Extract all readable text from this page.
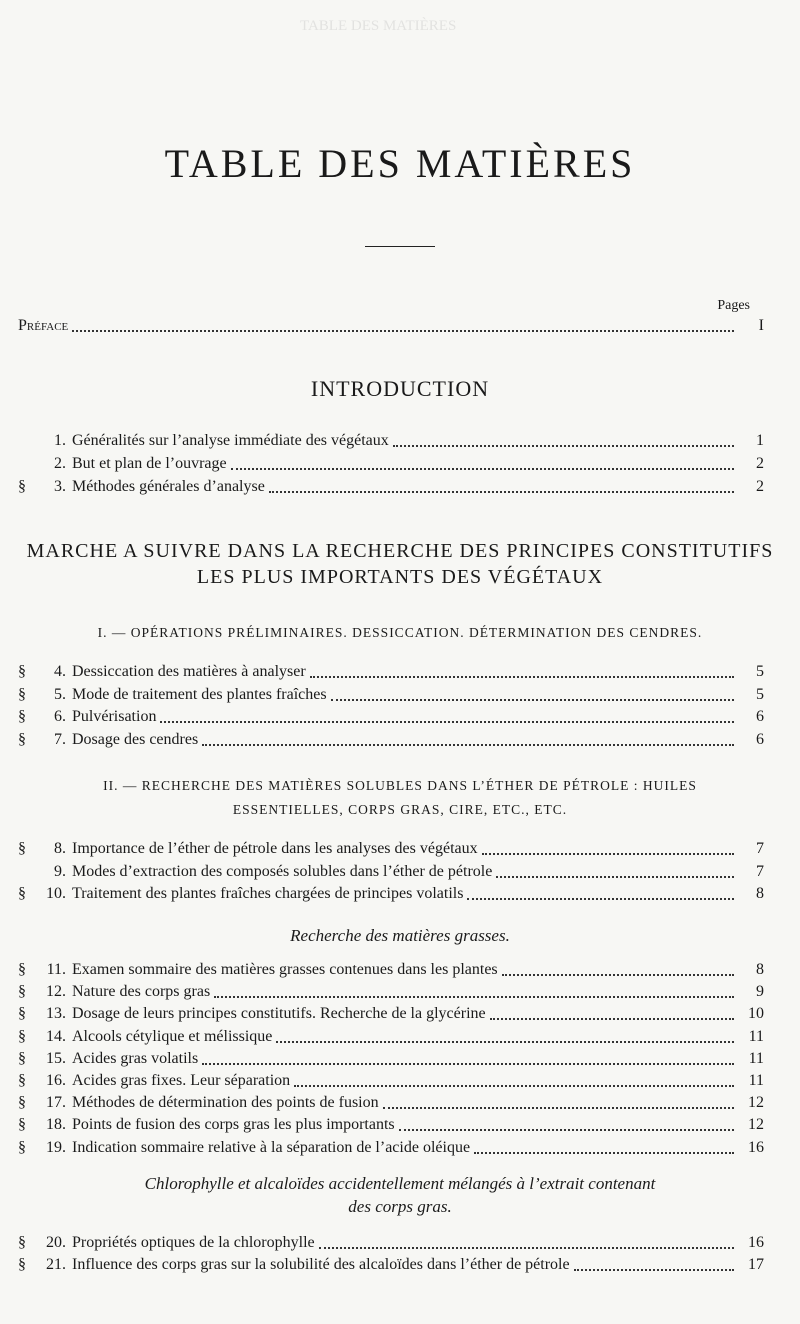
TABLE DES MATIÈRES
TABLE DES MATIÈRES
Pages
Préface	I
INTRODUCTION
1. Généralités sur l’analyse immédiate des végétaux	1
2. But et plan de l’ouvrage	2
§	3. Méthodes générales d’analyse	2
MARCHE A SUIVRE DANS LA RECHERCHE DES PRINCIPES CONSTITUTIFS
LES PLUS IMPORTANTS DES VÉGÉTAUX
I. — OPÉRATIONS PRÉLIMINAIRES. DESSICCATION. DÉTERMINATION DES CENDRES.
§	4. Dessiccation des matières à analyser	5
§	5. Mode de traitement des plantes fraîches	5
§	6. Pulvérisation	6
§	7. Dosage des cendres	6
II. — RECHERCHE DES MATIÈRES SOLUBLES DANS L’ÉTHER DE PÉTROLE : HUILES
ESSENTIELLES, CORPS GRAS, CIRE, ETC., ETC.
§	8. Importance de l’éther de pétrole dans les analyses des végétaux	7
9. Modes d’extraction des composés solubles dans l’éther de pétrole	7
§	10. Traitement des plantes fraîches chargées de principes volatils	8
Recherche des matières grasses.
§	11. Examen sommaire des matières grasses contenues dans les plantes	8
§	12. Nature des corps gras	9
§	13. Dosage de leurs principes constitutifs. Recherche de la glycérine	10
§	14. Alcools cétylique et mélissique	11
§	15. Acides gras volatils	11
§	16. Acides gras fixes. Leur séparation	11
§	17. Méthodes de détermination des points de fusion	12
§	18. Points de fusion des corps gras les plus importants	12
§	19. Indication sommaire relative à la séparation de l’acide oléique	16
Chlorophylle et alcaloïdes accidentellement mélangés à l’extrait contenant
des corps gras.
§	20. Propriétés optiques de la chlorophylle	16
§	21. Influence des corps gras sur la solubilité des alcaloïdes dans l’éther de pétrole	17
